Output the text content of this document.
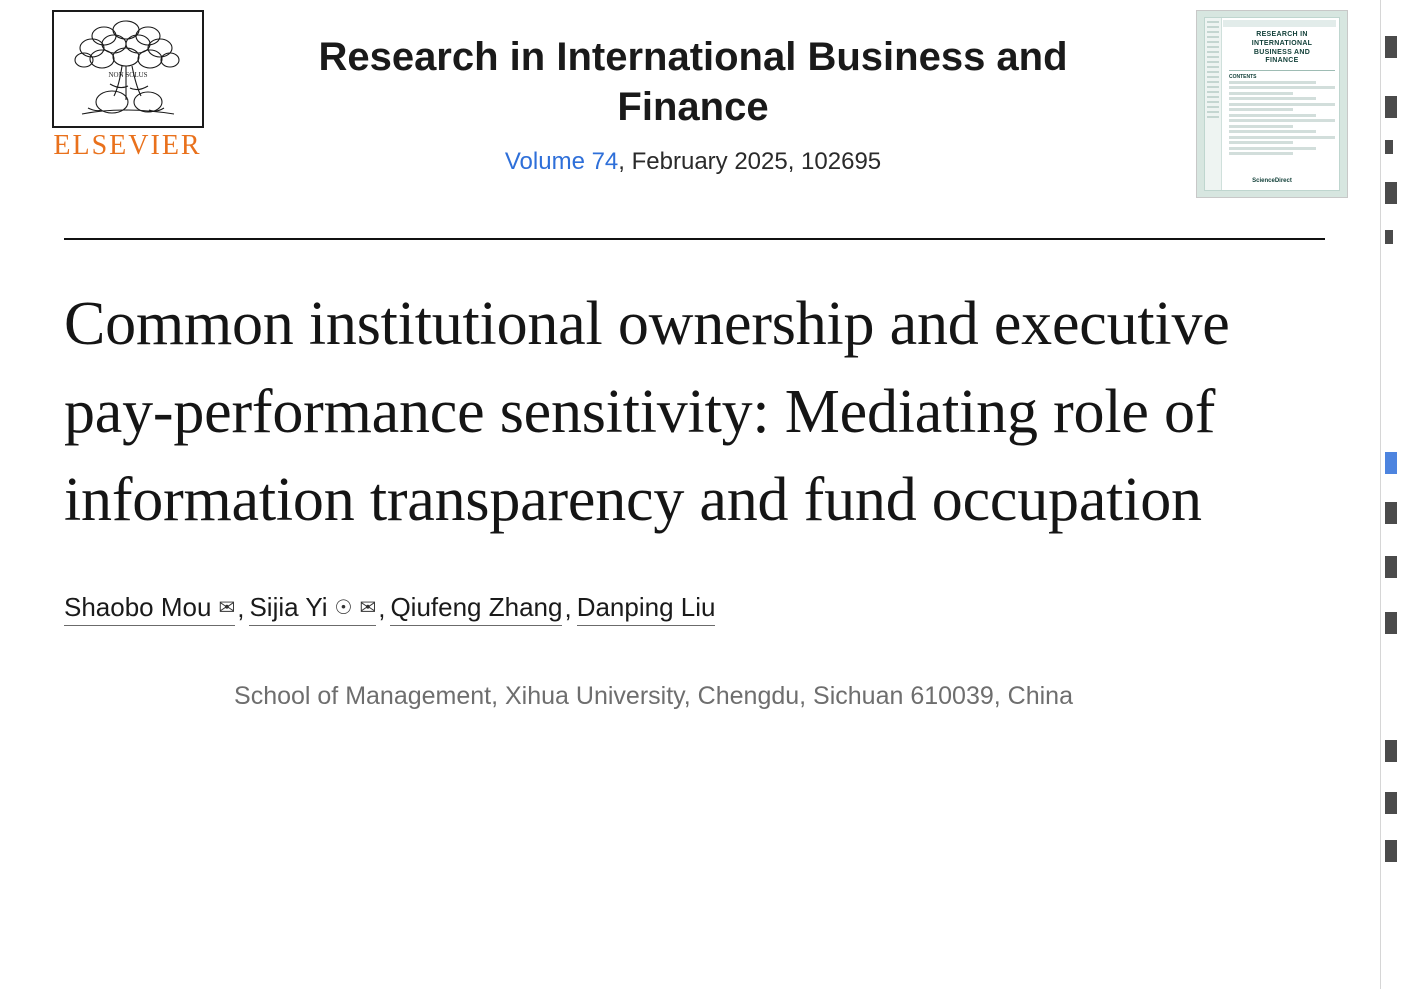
NON SOLUS
ELSEVIER
Research in International Business and Finance
Volume 74, February 2025, 102695
RESEARCH IN
INTERNATIONAL
BUSINESS AND
FINANCE
CONTENTS
ScienceDirect
Common institutional ownership and executive pay-performance sensitivity: Mediating role of information transparency and fund occupation
Shaobo Mou ✉ , Sijia Yi ☉ ✉ , Qiufeng Zhang , Danping Liu
School of Management, Xihua University, Chengdu, Sichuan 610039, China
